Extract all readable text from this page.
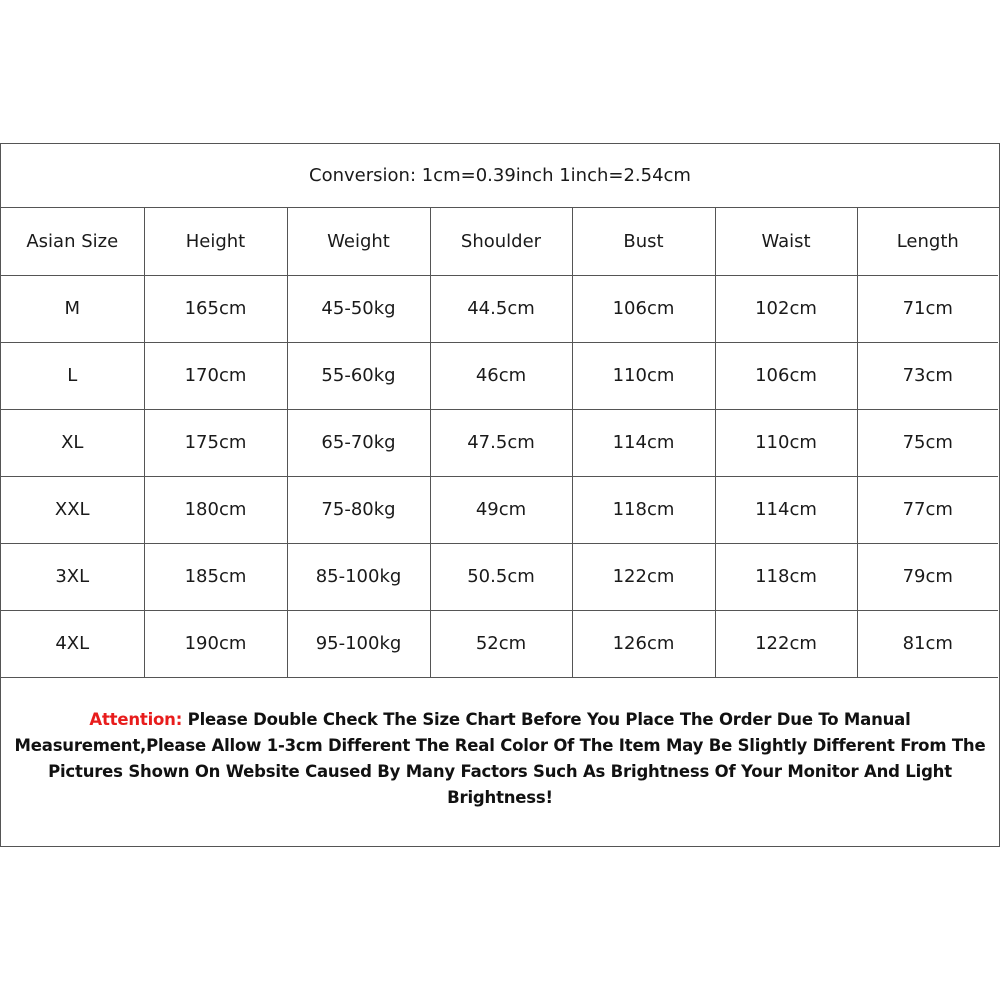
Conversion: 1cm=0.39inch 1inch=2.54cm
Asian Size	Height	Weight	Shoulder	Bust	Waist	Length
M	165cm	45-50kg	44.5cm	106cm	102cm	71cm
L	170cm	55-60kg	46cm	110cm	106cm	73cm
XL	175cm	65-70kg	47.5cm	114cm	110cm	75cm
XXL	180cm	75-80kg	49cm	118cm	114cm	77cm
3XL	185cm	85-100kg	50.5cm	122cm	118cm	79cm
4XL	190cm	95-100kg	52cm	126cm	122cm	81cm
Attention: Please Double Check The Size Chart Before You Place The Order Due To Manual Measurement,Please Allow 1-3cm Different The Real Color Of The Item May Be Slightly Different From The Pictures Shown On Website Caused By Many Factors Such As Brightness Of Your Monitor And Light Brightness!
